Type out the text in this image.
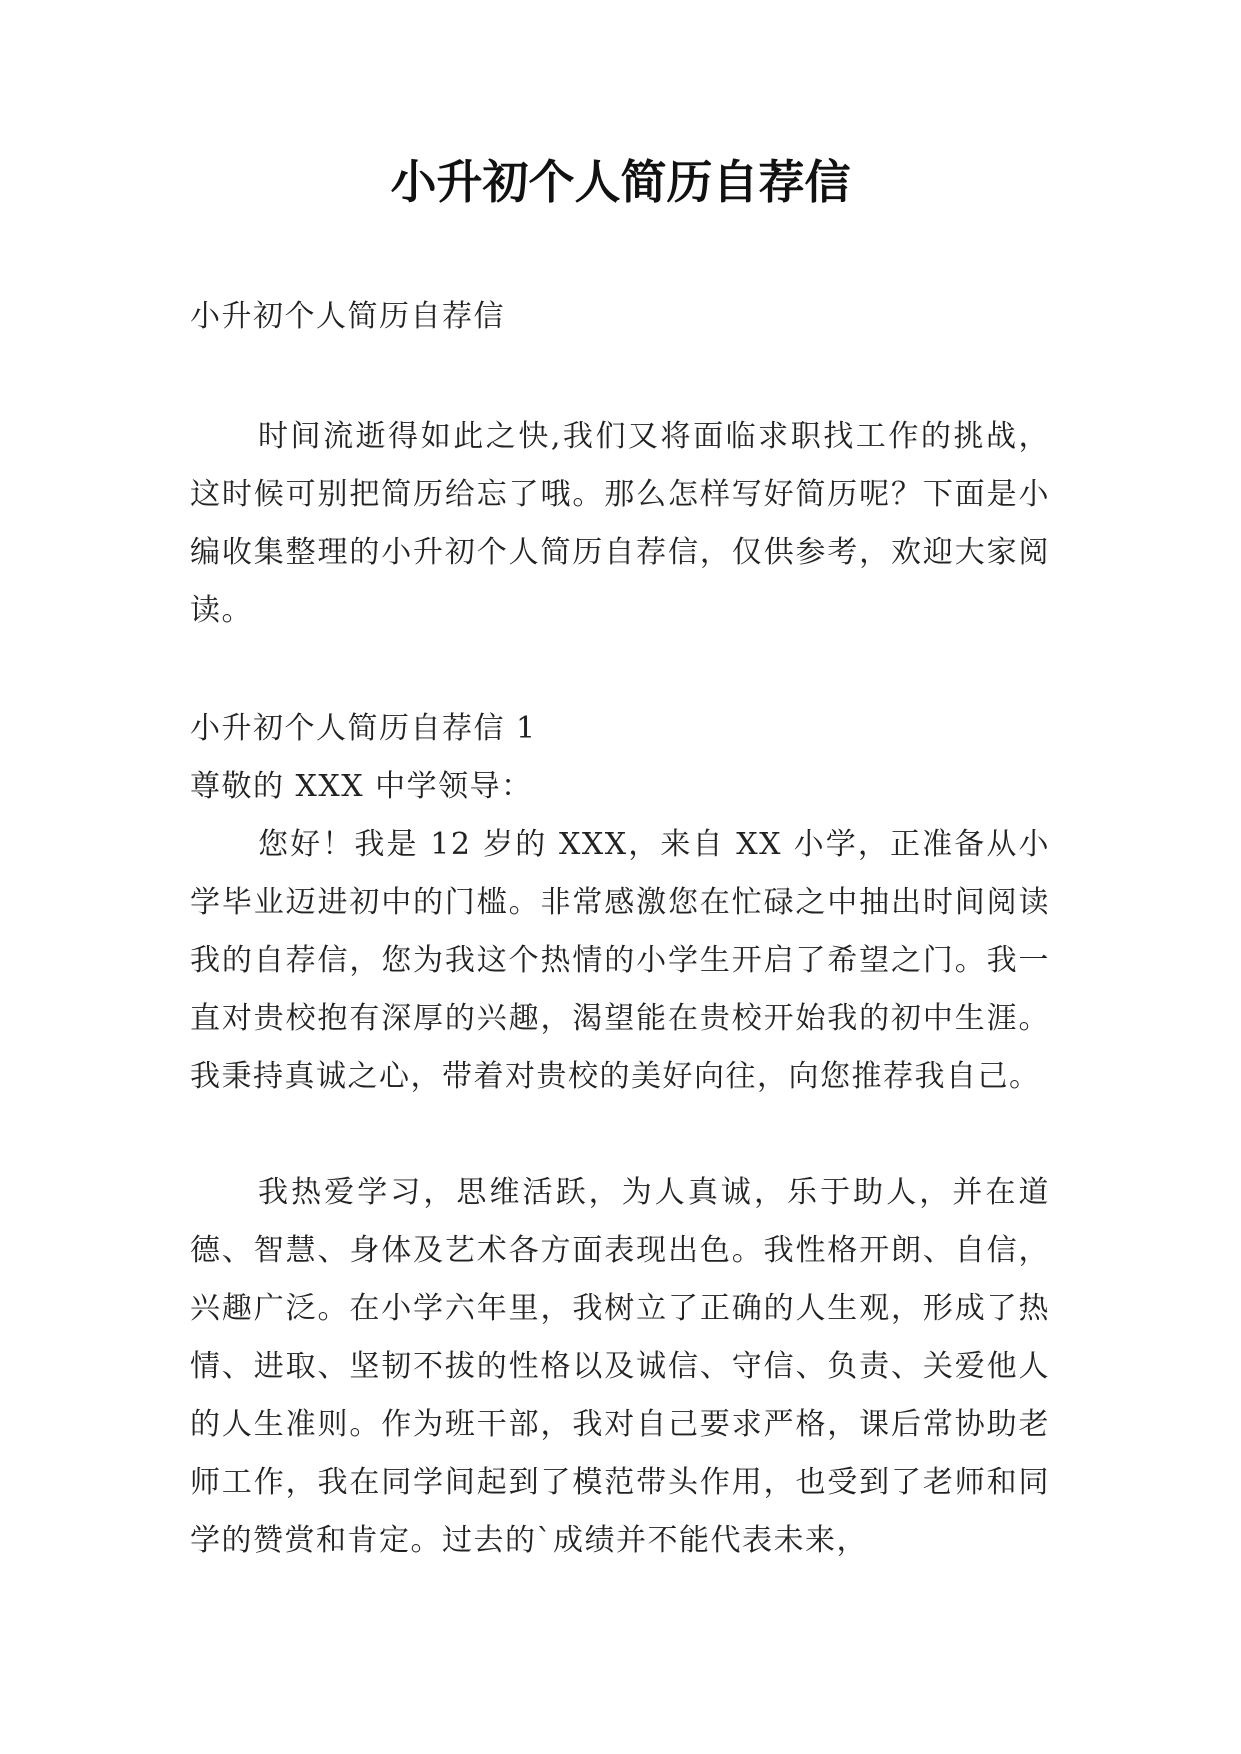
小升初个人简历自荐信

小升初个人简历自荐信

时间流逝得如此之快,我们又将面临求职找工作的挑战，这时候可别把简历给忘了哦。那么怎样写好简历呢？下面是小编收集整理的小升初个人简历自荐信，仅供参考，欢迎大家阅读。

小升初个人简历自荐信 1

尊敬的 XXX 中学领导：

您好！我是 12 岁的 XXX，来自 XX 小学，正准备从小学毕业迈进初中的门槛。非常感激您在忙碌之中抽出时间阅读我的自荐信，您为我这个热情的小学生开启了希望之门。我一直对贵校抱有深厚的兴趣，渴望能在贵校开始我的初中生涯。我秉持真诚之心，带着对贵校的美好向往，向您推荐我自己。

我热爱学习，思维活跃，为人真诚，乐于助人，并在道德、智慧、身体及艺术各方面表现出色。我性格开朗、自信，兴趣广泛。在小学六年里，我树立了正确的人生观，形成了热情、进取、坚韧不拔的性格以及诚信、守信、负责、关爱他人的人生准则。作为班干部，我对自己要求严格，课后常协助老师工作，我在同学间起到了模范带头作用，也受到了老师和同学的赞赏和肯定。过去的`成绩并不能代表未来，
